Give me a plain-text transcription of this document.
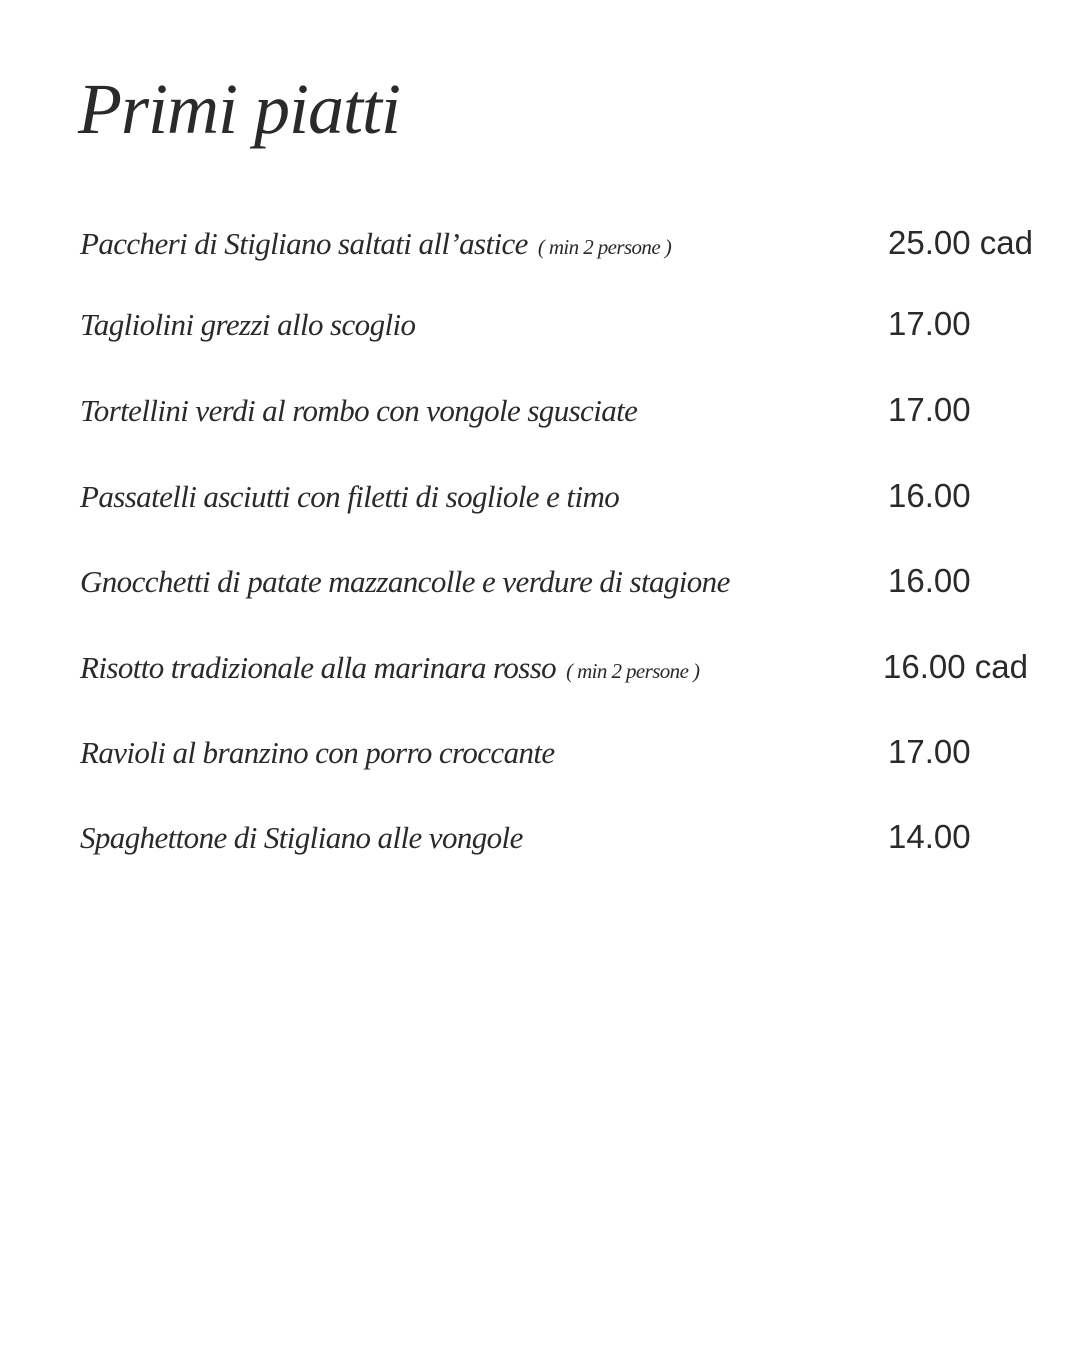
Primi piatti
Paccheri di Stigliano saltati all’astice ( min 2 persone )	25.00 cad
Tagliolini grezzi allo scoglio	17.00
Tortellini verdi al rombo con vongole sgusciate	17.00
Passatelli asciutti con filetti di sogliole e timo	16.00
Gnocchetti di patate mazzancolle e verdure di stagione	16.00
Risotto tradizionale alla marinara rosso ( min 2 persone )	16.00 cad
Ravioli al branzino con porro croccante	17.00
Spaghettone di Stigliano alle vongole	14.00
